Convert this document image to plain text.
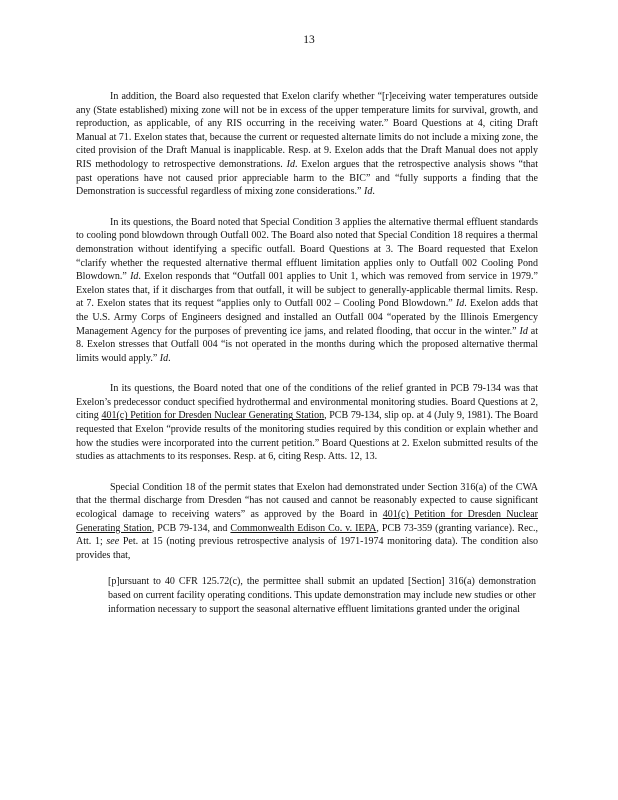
13

In addition, the Board also requested that Exelon clarify whether “[r]eceiving water temperatures outside any (State established) mixing zone will not be in excess of the upper temperature limits for survival, growth, and reproduction, as applicable, of any RIS occurring in the receiving water.” Board Questions at 4, citing Draft Manual at 71. Exelon states that, because the current or requested alternate limits do not include a mixing zone, the cited provision of the Draft Manual is inapplicable. Resp. at 9. Exelon adds that the Draft Manual does not apply RIS methodology to retrospective demonstrations. Id. Exelon argues that the retrospective analysis shows “that past operations have not caused prior appreciable harm to the BIC” and “fully supports a finding that the Demonstration is successful regardless of mixing zone considerations.” Id.

In its questions, the Board noted that Special Condition 3 applies the alternative thermal effluent standards to cooling pond blowdown through Outfall 002. The Board also noted that Special Condition 18 requires a thermal demonstration without identifying a specific outfall. Board Questions at 3. The Board requested that Exelon “clarify whether the requested alternative thermal effluent limitation applies only to Outfall 002 Cooling Pond Blowdown.” Id. Exelon responds that “Outfall 001 applies to Unit 1, which was removed from service in 1979.” Exelon states that, if it discharges from that outfall, it will be subject to generally-applicable thermal limits. Resp. at 7. Exelon states that its request “applies only to Outfall 002 – Cooling Pond Blowdown.” Id. Exelon adds that the U.S. Army Corps of Engineers designed and installed an Outfall 004 “operated by the Illinois Emergency Management Agency for the purposes of preventing ice jams, and related flooding, that occur in the winter.” Id at 8. Exelon stresses that Outfall 004 “is not operated in the months during which the proposed alternative thermal limits would apply.” Id.

In its questions, the Board noted that one of the conditions of the relief granted in PCB 79-134 was that Exelon’s predecessor conduct specified hydrothermal and environmental monitoring studies. Board Questions at 2, citing 401(c) Petition for Dresden Nuclear Generating Station, PCB 79-134, slip op. at 4 (July 9, 1981). The Board requested that Exelon “provide results of the monitoring studies required by this condition or explain whether and how the studies were incorporated into the current petition.” Board Questions at 2. Exelon submitted results of the studies as attachments to its responses. Resp. at 6, citing Resp. Atts. 12, 13.

Special Condition 18 of the permit states that Exelon had demonstrated under Section 316(a) of the CWA that the thermal discharge from Dresden “has not caused and cannot be reasonably expected to cause significant ecological damage to receiving waters” as approved by the Board in 401(c) Petition for Dresden Nuclear Generating Station, PCB 79-134, and Commonwealth Edison Co. v. IEPA, PCB 73-359 (granting variance). Rec., Att. 1; see Pet. at 15 (noting previous retrospective analysis of 1971-1974 monitoring data). The condition also provides that,

[p]ursuant to 40 CFR 125.72(c), the permittee shall submit an updated [Section] 316(a) demonstration based on current facility operating conditions. This update demonstration may include new studies or other information necessary to support the seasonal alternative effluent limitations granted under the original
